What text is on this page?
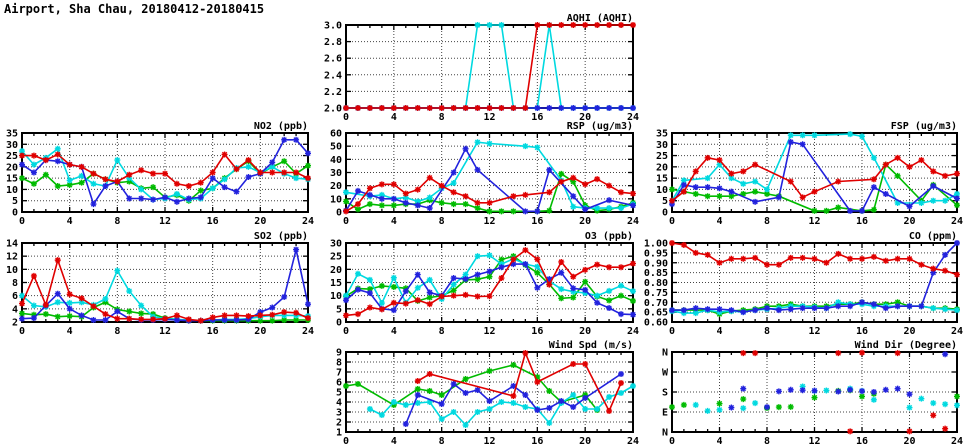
Airport, Sha Chau, 20180412-20180415
2.0
2.2
2.4
2.6
2.8
3.0
0	4	8	12	16	20	24
AQHI (AQHI)
0
5
10
15
20
25
30
35
0	4	8	12	16	20	24
NO2 (ppb)
0
10
20
30
40
50
60
0	4	8	12	16	20	24
RSP (ug/m3)
0
5
10
15
20
25
30
35
0	4	8	12	16	20	24
FSP (ug/m3)
2
4
6
8
10
12
14
0	4	8	12	16	20	24
SO2 (ppb)
0
5
10
15
20
25
30
0	4	8	12	16	20	24
O3 (ppb)
0.60
0.65
0.70
0.75
0.80
0.85
0.90
0.95
1.00
0	4	8	12	16	20	24
CO (ppm)
1
2
3
4
5
6
7
8
9
0	4	8	12	16	20	24
Wind Spd (m/s)
N
E
S
W
N
0	4	8	12	16	20	24
Wind Dir (Degree)
